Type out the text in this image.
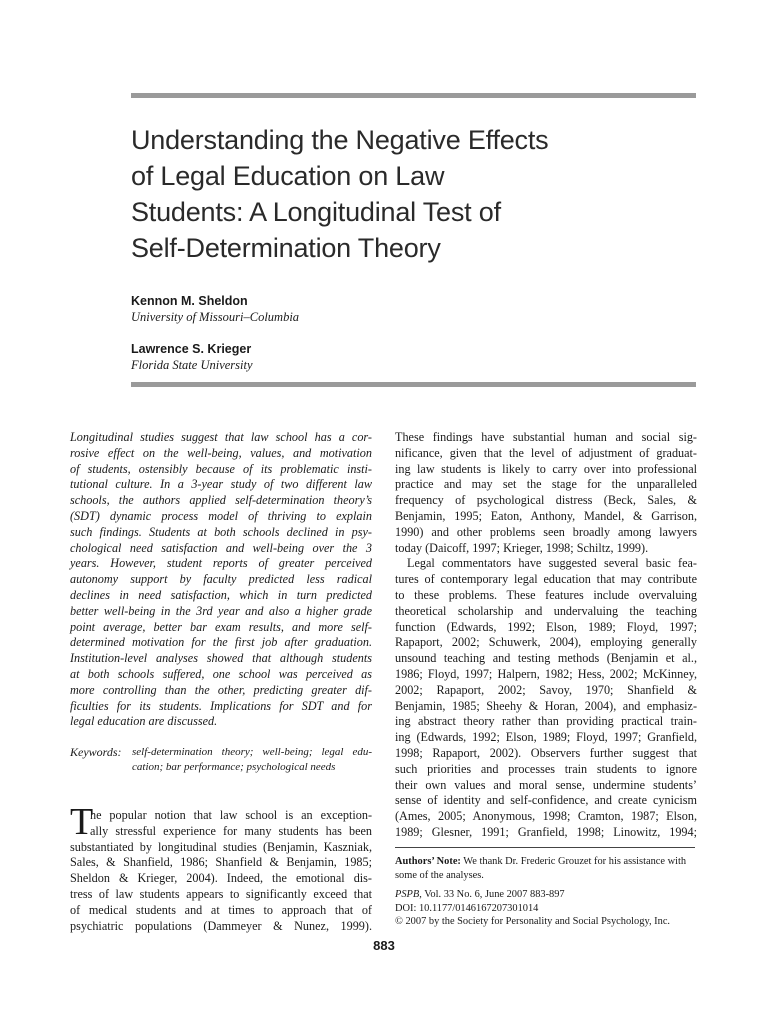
Understanding the Negative Effects
of Legal Education on Law
Students: A Longitudinal Test of
Self-Determination Theory
Kennon M. Sheldon
University of Missouri–Columbia
Lawrence S. Krieger
Florida State University
Longitudinal studies suggest that law school has a cor-
rosive effect on the well-being, values, and motivation
of students, ostensibly because of its problematic insti-
tutional culture. In a 3-year study of two different law
schools, the authors applied self-determination theory’s
(SDT) dynamic process model of thriving to explain
such findings. Students at both schools declined in psy-
chological need satisfaction and well-being over the 3
years. However, student reports of greater perceived
autonomy support by faculty predicted less radical
declines in need satisfaction, which in turn predicted
better well-being in the 3rd year and also a higher grade
point average, better bar exam results, and more self-
determined motivation for the first job after graduation.
Institution-level analyses showed that although students
at both schools suffered, one school was perceived as
more controlling than the other, predicting greater dif-
ficulties for its students. Implications for SDT and for
legal education are discussed.
Keywords: self-determination theory; well-being; legal edu-
cation; bar performance; psychological needs
T
he popular notion that law school is an exception-
ally stressful experience for many students has been
substantiated by longitudinal studies (Benjamin, Kaszniak,
Sales, & Shanfield, 1986; Shanfield & Benjamin, 1985;
Sheldon & Krieger, 2004). Indeed, the emotional dis-
tress of law students appears to significantly exceed that
of medical students and at times to approach that of
psychiatric populations (Dammeyer & Nunez, 1999).
These findings have substantial human and social sig-
nificance, given that the level of adjustment of graduat-
ing law students is likely to carry over into professional
practice and may set the stage for the unparalleled
frequency of psychological distress (Beck, Sales, &
Benjamin, 1995; Eaton, Anthony, Mandel, & Garrison,
1990) and other problems seen broadly among lawyers
today (Daicoff, 1997; Krieger, 1998; Schiltz, 1999).
Legal commentators have suggested several basic fea-
tures of contemporary legal education that may contribute
to these problems. These features include overvaluing
theoretical scholarship and undervaluing the teaching
function (Edwards, 1992; Elson, 1989; Floyd, 1997;
Rapaport, 2002; Schuwerk, 2004), employing generally
unsound teaching and testing methods (Benjamin et al.,
1986; Floyd, 1997; Halpern, 1982; Hess, 2002; McKinney,
2002; Rapaport, 2002; Savoy, 1970; Shanfield &
Benjamin, 1985; Sheehy & Horan, 2004), and emphasiz-
ing abstract theory rather than providing practical train-
ing (Edwards, 1992; Elson, 1989; Floyd, 1997; Granfield,
1998; Rapaport, 2002). Observers further suggest that
such priorities and processes train students to ignore
their own values and moral sense, undermine students’
sense of identity and self-confidence, and create cynicism
(Ames, 2005; Anonymous, 1998; Cramton, 1987; Elson,
1989; Glesner, 1991; Granfield, 1998; Linowitz, 1994;
Authors’ Note: We thank Dr. Frederic Grouzet for his assistance with
some of the analyses.
PSPB, Vol. 33 No. 6, June 2007 883-897
DOI: 10.1177/0146167207301014
© 2007 by the Society for Personality and Social Psychology, Inc.
883
